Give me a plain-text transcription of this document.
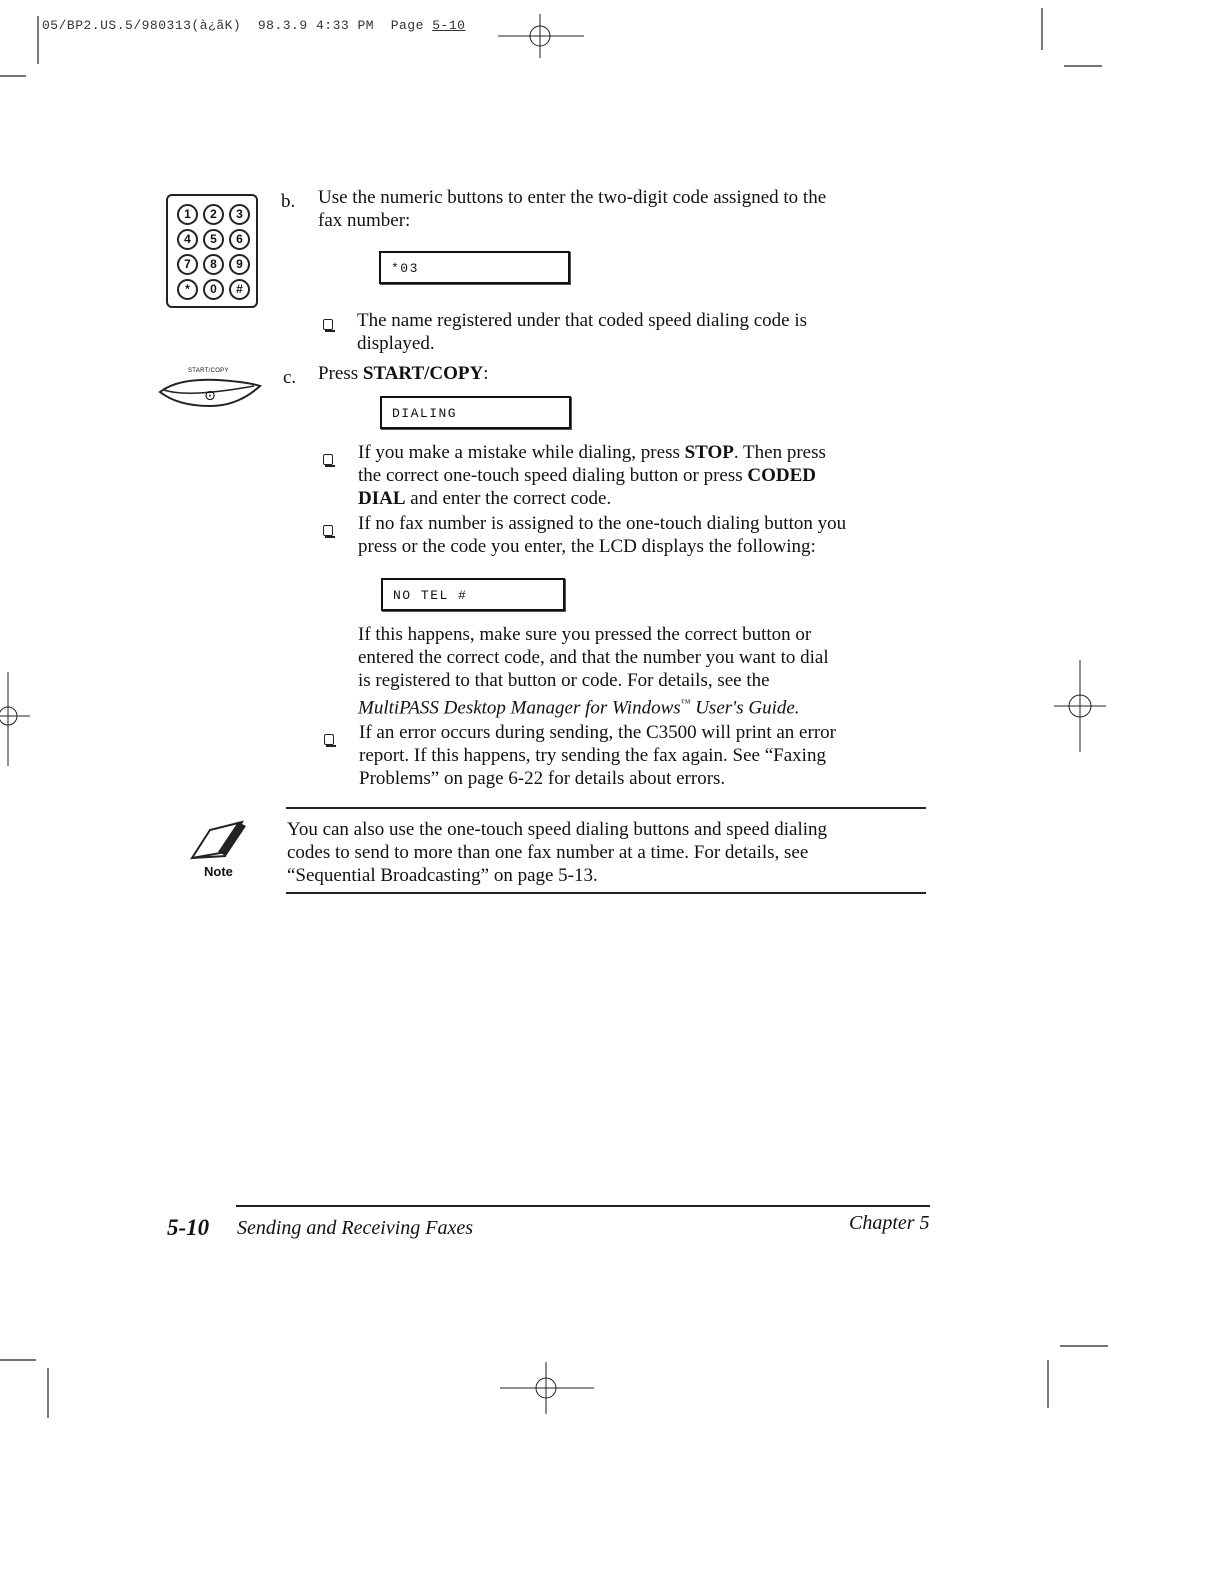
05/BP2.US.5/980313(à¿ãK) 98.3.9 4:33 PM Page 5-10
1	2	3
4	5	6
7	8	9
*	0	#
b. Use the numeric buttons to enter the two-digit code assigned to the
fax number:
*03
The name registered under that coded speed dialing code is
displayed.
START/COPY
⊙
c. Press START/COPY:
DIALING
If you make a mistake while dialing, press STOP. Then press
the correct one-touch speed dialing button or press CODED
DIAL and enter the correct code.
If no fax number is assigned to the one-touch dialing button you
press or the code you enter, the LCD displays the following:
NO TEL #
If this happens, make sure you pressed the correct button or
entered the correct code, and that the number you want to dial
is registered to that button or code. For details, see the
MultiPASS Desktop Manager for Windows™ User's Guide.
If an error occurs during sending, the C3500 will print an error
report. If this happens, try sending the fax again. See “Faxing
Problems” on page 6-22 for details about errors.
Note
You can also use the one-touch speed dialing buttons and speed dialing
codes to send to more than one fax number at a time. For details, see
“Sequential Broadcasting” on page 5-13.
5-10 Sending and Receiving Faxes	Chapter 5
